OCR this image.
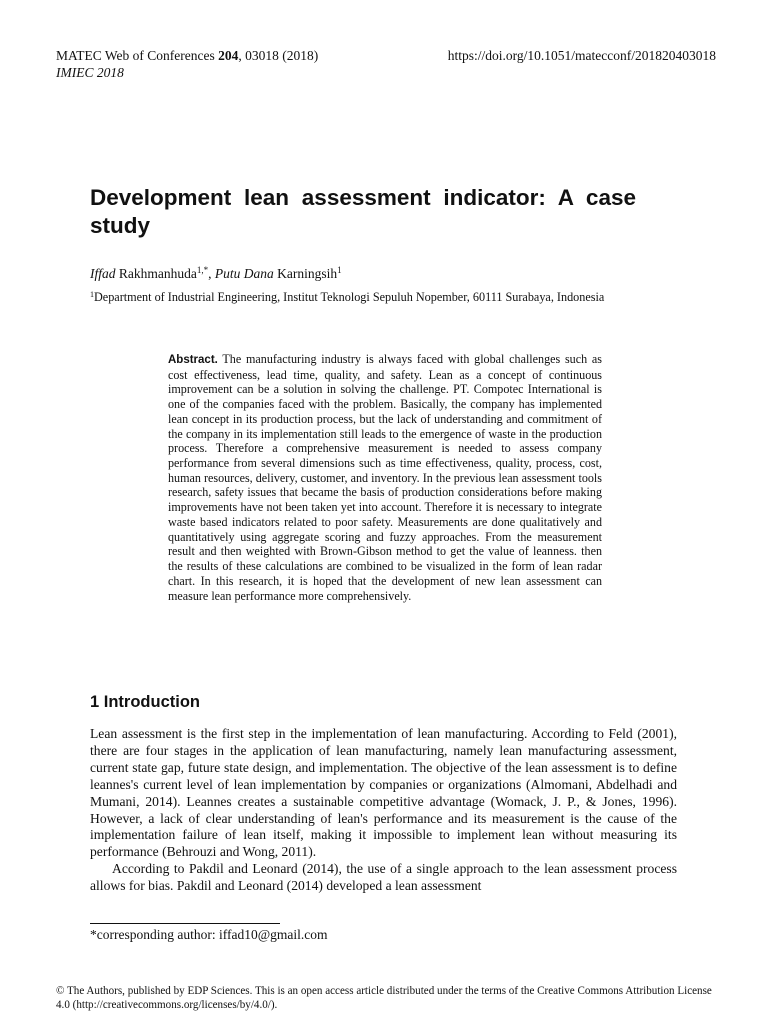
MATEC Web of Conferences 204, 03018 (2018)
IMIEC 2018
https://doi.org/10.1051/matecconf/201820403018
Development lean assessment indicator: A case study
Iffad Rakhmanhuda$^{1,*}$, Putu Dana Karningsih$^1$
$^1$Department of Industrial Engineering, Institut Teknologi Sepuluh Nopember, 60111 Surabaya, Indonesia

Abstract. The manufacturing industry is always faced with global challenges such as cost effectiveness, lead time, quality, and safety. Lean as a concept of continuous improvement can be a solution in solving the challenge. PT. Compotec International is one of the companies faced with the problem. Basically, the company has implemented lean concept in its production process, but the lack of understanding and commitment of the company in its implementation still leads to the emergence of waste in the production process. Therefore a comprehensive measurement is needed to assess company performance from several dimensions such as time effectiveness, quality, process, cost, human resources, delivery, customer, and inventory. In the previous lean assessment tools research, safety issues that became the basis of production considerations before making improvements have not been taken yet into account. Therefore it is necessary to integrate waste based indicators related to poor safety. Measurements are done qualitatively and quantitatively using aggregate scoring and fuzzy approaches. From the measurement result and then weighted with Brown-Gibson method to get the value of leanness. then the results of these calculations are combined to be visualized in the form of lean radar chart. In this research, it is hoped that the development of new lean assessment can measure lean performance more comprehensively.

1 Introduction

Lean assessment is the first step in the implementation of lean manufacturing. According to Feld (2001), there are four stages in the application of lean manufacturing, namely lean manufacturing assessment, current state gap, future state design, and implementation. The objective of the lean assessment is to define leannes's current level of lean implementation by companies or organizations (Almomani, Abdelhadi and Mumani, 2014). Leannes creates a sustainable competitive advantage (Womack, J. P., & Jones, 1996). However, a lack of clear understanding of lean's performance and its measurement is the cause of the implementation failure of lean itself, making it impossible to implement lean without measuring its performance (Behrouzi and Wong, 2011).

According to Pakdil and Leonard (2014), the use of a single approach to the lean assessment process allows for bias. Pakdil and Leonard (2014) developed a lean assessment

*corresponding author: iffad10@gmail.com
© The Authors, published by EDP Sciences. This is an open access article distributed under the terms of the Creative Commons Attribution License 4.0 (http://creativecommons.org/licenses/by/4.0/).
